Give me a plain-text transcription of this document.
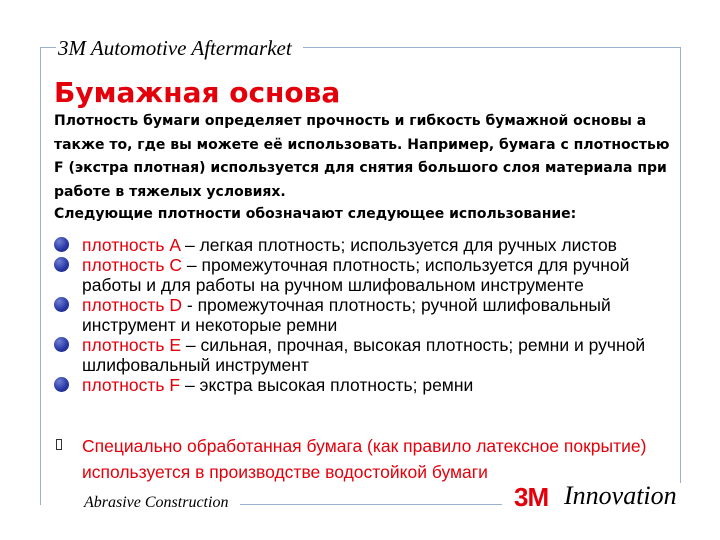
3M Automotive Aftermarket
Бумажная основа

Плотность бумаги определяет прочность и гибкость бумажной основы а также то, где вы можете её использовать. Например, бумага с плотностью F (экстра плотная) используется для снятия большого слоя материала при работе в тяжелых условиях.

Следующие плотности обозначают следующее использование:

плотность A – легкая плотность; используется для ручных листов
плотность C – промежуточная плотность; используется для ручной работы и для работы на ручном шлифовальном инструменте
плотность D - промежуточная плотность; ручной шлифовальный инструмент и некоторые ремни
плотность E – сильная, прочная, высокая плотность; ремни и ручной шлифовальный инструмент
плотность F – экстра высокая плотность; ремни
Специально обработанная бумага (как правило латексное покрытие) используется в производстве водостойкой бумаги
Abrasive Construction	3M Innovation
